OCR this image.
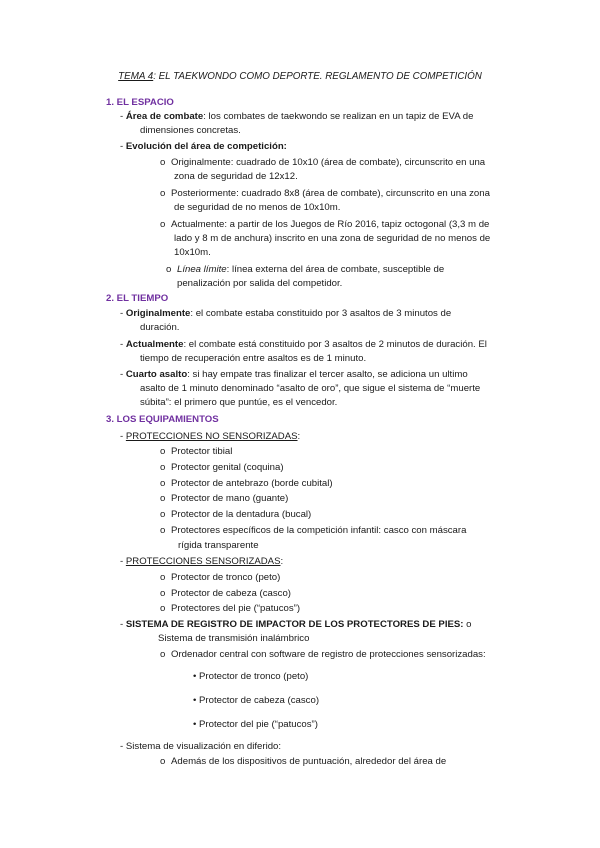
TEMA 4: EL TAEKWONDO COMO DEPORTE. REGLAMENTO DE COMPETICIÓN
1. EL ESPACIO
- Área de combate: los combates de taekwondo se realizan en un tapiz de EVA de
dimensiones concretas.
- Evolución del área de competición:
o Originalmente: cuadrado de 10x10 (área de combate), circunscrito en una
zona de seguridad de 12x12.
o Posteriormente: cuadrado 8x8 (área de combate), circunscrito en una zona
de seguridad de no menos de 10x10m.
o Actualmente: a partir de los Juegos de Río 2016, tapiz octogonal (3,3 m de
lado y 8 m de anchura) inscrito en una zona de seguridad de no menos de
10x10m.
o Línea límite: línea externa del área de combate, susceptible de
penalización por salida del competidor.
2. EL TIEMPO
- Originalmente: el combate estaba constituido por 3 asaltos de 3 minutos de
duración.
- Actualmente: el combate está constituido por 3 asaltos de 2 minutos de duración. El
tiempo de recuperación entre asaltos es de 1 minuto.
- Cuarto asalto: si hay empate tras finalizar el tercer asalto, se adiciona un ultimo
asalto de 1 minuto denominado “asalto de oro”, que sigue el sistema de “muerte
súbita”: el primero que puntúe, es el vencedor.
3. LOS EQUIPAMIENTOS
- PROTECCIONES NO SENSORIZADAS:
o Protector tibial
o Protector genital (coquina)
o Protector de antebrazo (borde cubital)
o Protector de mano (guante)
o Protector de la dentadura (bucal)
o Protectores específicos de la competición infantil: casco con máscara
rígida transparente
- PROTECCIONES SENSORIZADAS:
o Protector de tronco (peto)
o Protector de cabeza (casco)
o Protectores del pie (“patucos”)
- SISTEMA DE REGISTRO DE IMPACTOR DE LOS PROTECTORES DE PIES: o
Sistema de transmisión inalámbrico
o Ordenador central con software de registro de protecciones sensorizadas:
• Protector de tronco (peto)
• Protector de cabeza (casco)
• Protector del pie (“patucos”)
- Sistema de visualización en diferido:
o Además de los dispositivos de puntuación, alrededor del área de
